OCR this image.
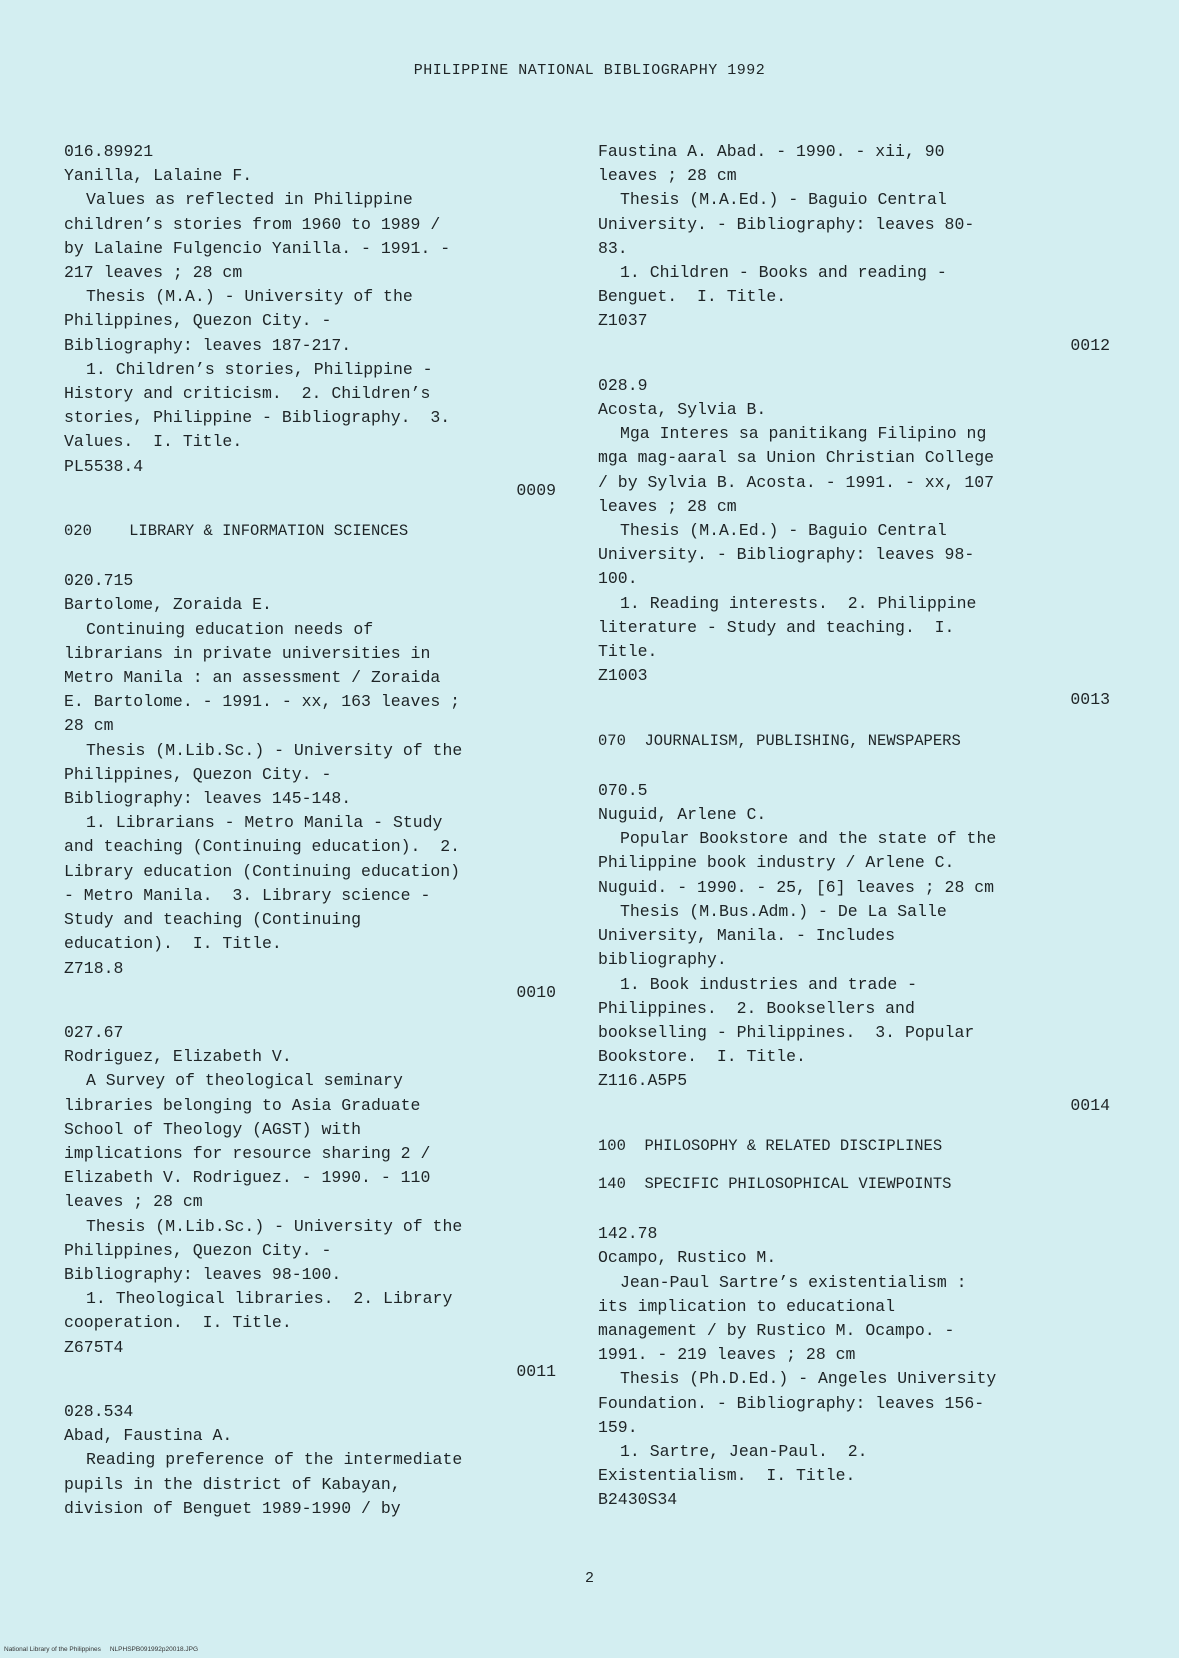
PHILIPPINE NATIONAL BIBLIOGRAPHY 1992
016.89921
Yanilla, Lalaine F.
Values as reflected in Philippine
children’s stories from 1960 to 1989 /
by Lalaine Fulgencio Yanilla. - 1991. -
217 leaves ; 28 cm
Thesis (M.A.) - University of the
Philippines, Quezon City. -
Bibliography: leaves 187-217.
1. Children’s stories, Philippine -
History and criticism.  2. Children’s
stories, Philippine - Bibliography.  3.
Values.  I. Title.
PL5538.4
0009
020    LIBRARY & INFORMATION SCIENCES
020.715
Bartolome, Zoraida E.
Continuing education needs of
librarians in private universities in
Metro Manila : an assessment / Zoraida
E. Bartolome. - 1991. - xx, 163 leaves ;
28 cm
Thesis (M.Lib.Sc.) - University of the
Philippines, Quezon City. -
Bibliography: leaves 145-148.
1. Librarians - Metro Manila - Study
and teaching (Continuing education).  2.
Library education (Continuing education)
- Metro Manila.  3. Library science -
Study and teaching (Continuing
education).  I. Title.
Z718.8
0010
027.67
Rodriguez, Elizabeth V.
A Survey of theological seminary
libraries belonging to Asia Graduate
School of Theology (AGST) with
implications for resource sharing 2 /
Elizabeth V. Rodriguez. - 1990. - 110
leaves ; 28 cm
Thesis (M.Lib.Sc.) - University of the
Philippines, Quezon City. -
Bibliography: leaves 98-100.
1. Theological libraries.  2. Library
cooperation.  I. Title.
Z675T4
0011
028.534
Abad, Faustina A.
Reading preference of the intermediate
pupils in the district of Kabayan,
division of Benguet 1989-1990 / by
Faustina A. Abad. - 1990. - xii, 90
leaves ; 28 cm
Thesis (M.A.Ed.) - Baguio Central
University. - Bibliography: leaves 80-
83.
1. Children - Books and reading -
Benguet.  I. Title.
Z1037
0012
028.9
Acosta, Sylvia B.
Mga Interes sa panitikang Filipino ng
mga mag-aaral sa Union Christian College
/ by Sylvia B. Acosta. - 1991. - xx, 107
leaves ; 28 cm
Thesis (M.A.Ed.) - Baguio Central
University. - Bibliography: leaves 98-
100.
1. Reading interests.  2. Philippine
literature - Study and teaching.  I.
Title.
Z1003
0013
070  JOURNALISM, PUBLISHING, NEWSPAPERS
070.5
Nuguid, Arlene C.
Popular Bookstore and the state of the
Philippine book industry / Arlene C.
Nuguid. - 1990. - 25, [6] leaves ; 28 cm
Thesis (M.Bus.Adm.) - De La Salle
University, Manila. - Includes
bibliography.
1. Book industries and trade -
Philippines.  2. Booksellers and
bookselling - Philippines.  3. Popular
Bookstore.  I. Title.
Z116.A5P5
0014
100  PHILOSOPHY & RELATED DISCIPLINES
140  SPECIFIC PHILOSOPHICAL VIEWPOINTS
142.78
Ocampo, Rustico M.
Jean-Paul Sartre’s existentialism :
its implication to educational
management / by Rustico M. Ocampo. -
1991. - 219 leaves ; 28 cm
Thesis (Ph.D.Ed.) - Angeles University
Foundation. - Bibliography: leaves 156-
159.
1. Sartre, Jean-Paul.  2.
Existentialism.  I. Title.
B2430S34
2
National Library of the Philippines     NLPHSPB091992p20018.JPG
